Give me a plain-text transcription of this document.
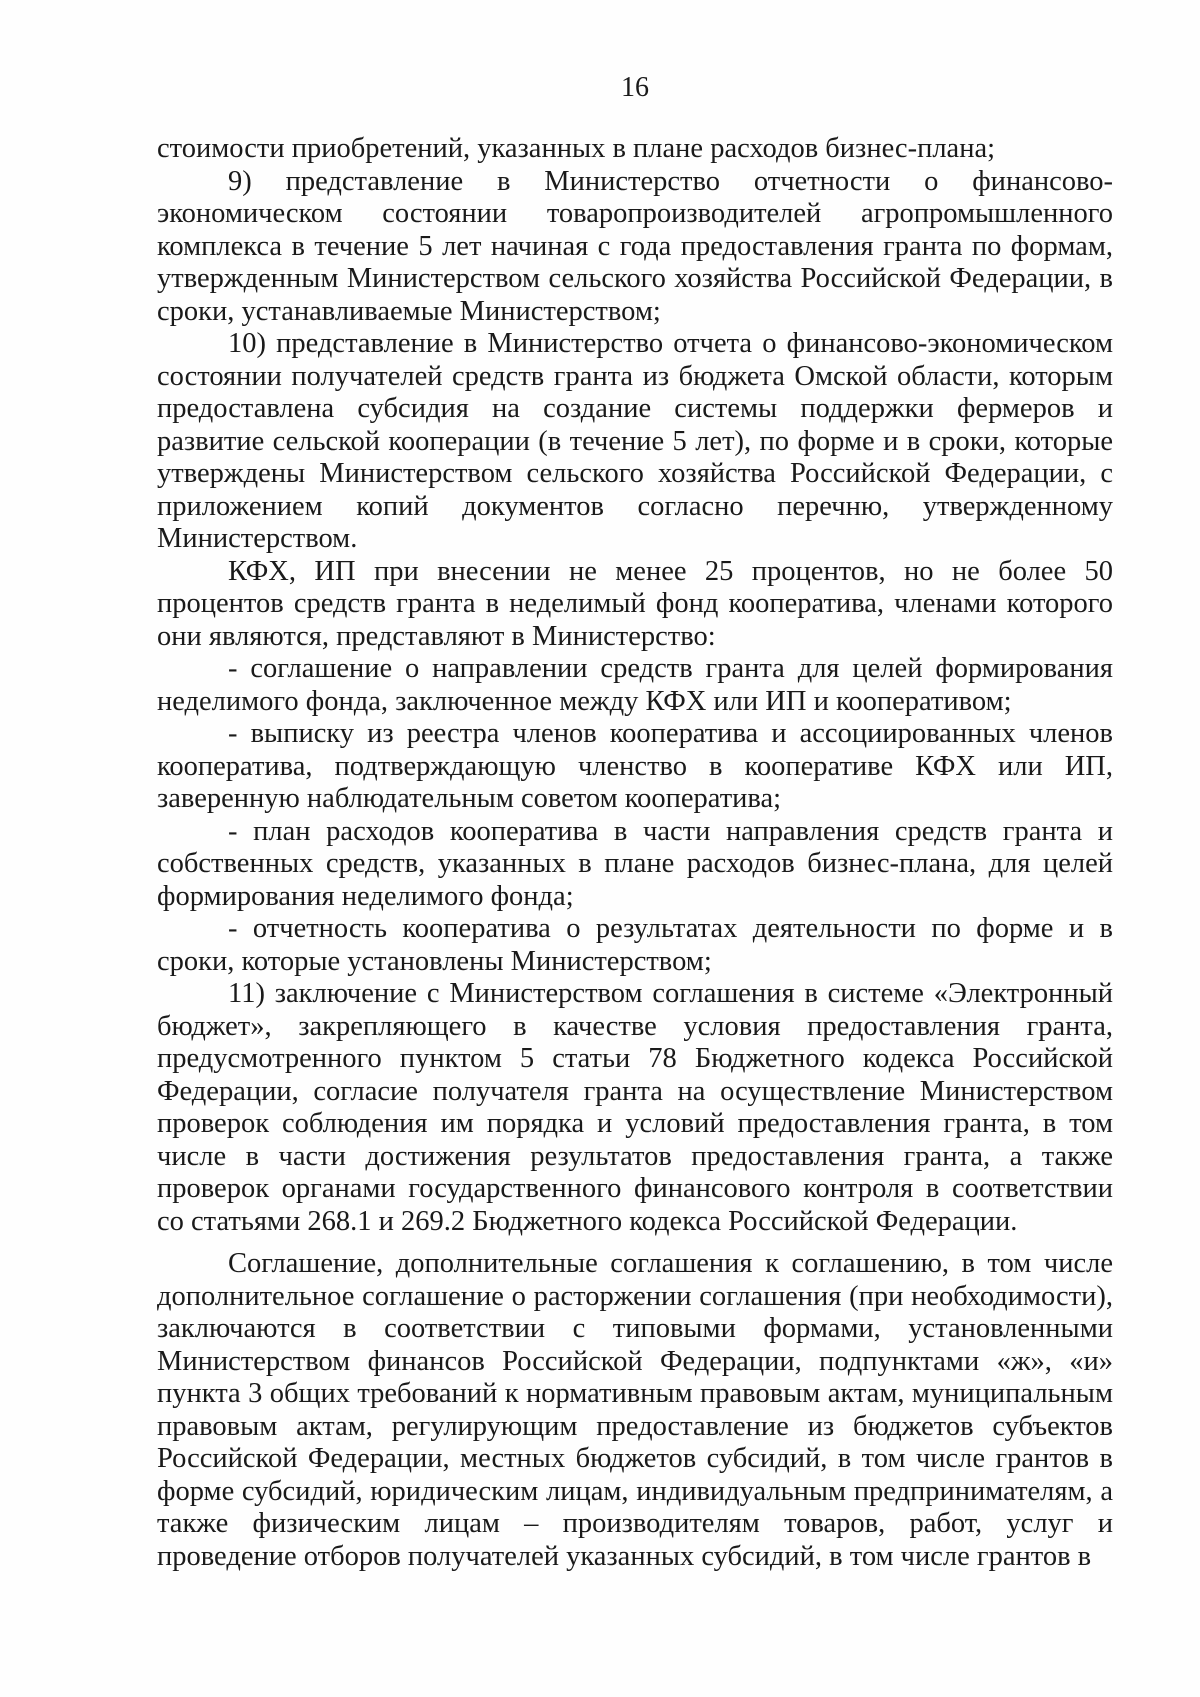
16

стоимости приобретений, указанных в плане расходов бизнес-плана;

9) представление в Министерство отчетности о финансово-экономическом состоянии товаропроизводителей агропромышленного комплекса в течение 5 лет начиная с года предоставления гранта по формам, утвержденным Министерством сельского хозяйства Российской Федерации, в сроки, устанавливаемые Министерством;

10) представление в Министерство отчета о финансово-экономическом состоянии получателей средств гранта из бюджета Омской области, которым предоставлена субсидия на создание системы поддержки фермеров и развитие сельской кооперации (в течение 5 лет), по форме и в сроки, которые утверждены Министерством сельского хозяйства Российской Федерации, с приложением копий документов согласно перечню, утвержденному Министерством.

КФХ, ИП при внесении не менее 25 процентов, но не более 50 процентов средств гранта в неделимый фонд кооператива, членами которого они являются, представляют в Министерство:

- соглашение о направлении средств гранта для целей формирования неделимого фонда, заключенное между КФХ или ИП и кооперативом;

- выписку из реестра членов кооператива и ассоциированных членов кооператива, подтверждающую членство в кооперативе КФХ или ИП, заверенную наблюдательным советом кооператива;

- план расходов кооператива в части направления средств гранта и собственных средств, указанных в плане расходов бизнес-плана, для целей формирования неделимого фонда;

- отчетность кооператива о результатах деятельности по форме и в сроки, которые установлены Министерством;

11) заключение с Министерством соглашения в системе «Электронный бюджет», закрепляющего в качестве условия предоставления гранта, предусмотренного пунктом 5 статьи 78 Бюджетного кодекса Российской Федерации, согласие получателя гранта на осуществление Министерством проверок соблюдения им порядка и условий предоставления гранта, в том числе в части достижения результатов предоставления гранта, а также проверок органами государственного финансового контроля в соответствии со статьями 268.1 и 269.2 Бюджетного кодекса Российской Федерации.

Соглашение, дополнительные соглашения к соглашению, в том числе дополнительное соглашение о расторжении соглашения (при необходимости), заключаются в соответствии с типовыми формами, установленными Министерством финансов Российской Федерации, подпунктами «ж», «и» пункта 3 общих требований к нормативным правовым актам, муниципальным правовым актам, регулирующим предоставление из бюджетов субъектов Российской Федерации, местных бюджетов субсидий, в том числе грантов в форме субсидий, юридическим лицам, индивидуальным предпринимателям, а также физическим лицам – производителям товаров, работ, услуг и проведение отборов получателей указанных субсидий, в том числе грантов в
